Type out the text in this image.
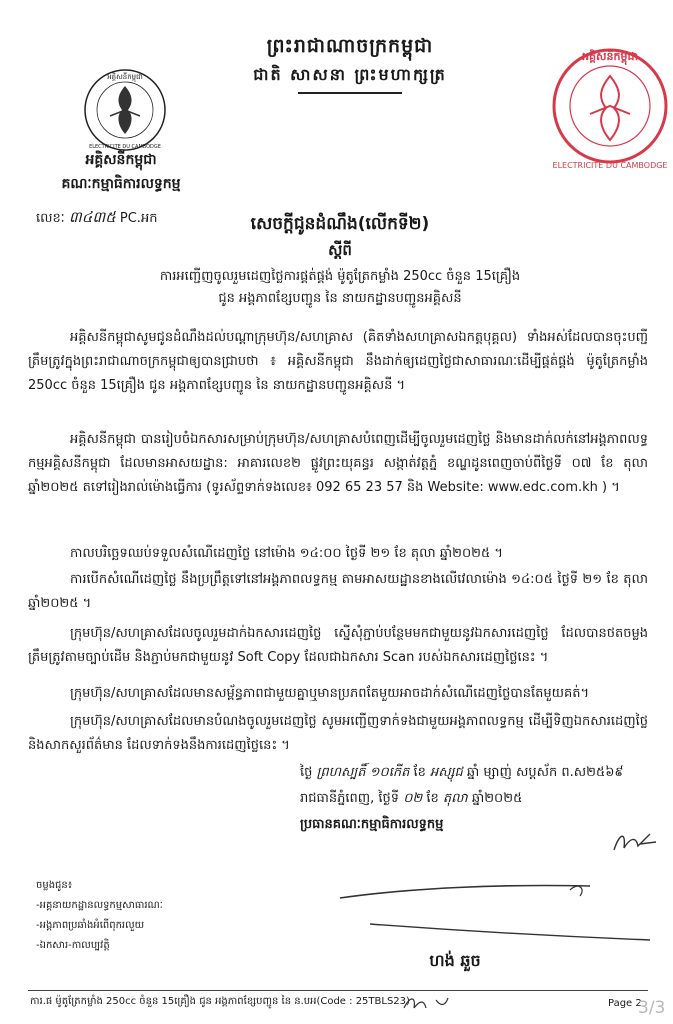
ព្រះរាជាណាចក្រកម្ពុជា
ជាតិ សាសនា ព្រះមហាក្សត្រ
អគ្គិសនីកម្ពុជា
ELECTRICITE DU CAMBODGE
អគ្គិសនីកម្ពុជា
គណៈកម្មាធិការលទ្ធកម្ម
លេខៈ ៣៤៣៥ PC.អក
អគ្គិសនីកម្ពុជា
ELECTRICITE DU CAMBODGE
សេចក្តីជូនដំណឹង(លើកទី២)
ស្តីពី
ការអញ្ជើញចូលរួមដេញថ្លៃការផ្គត់ផ្គង់ ម៉ូតូត្រែកម្លាំង 250cc ចំនួន 15គ្រឿង
ជូន អង្គភាពខ្សែបញ្ជូន នៃ នាយកដ្ឋានបញ្ជូនអគ្គិសនី
អគ្គិសនីកម្ពុជាសូមជូនដំណឹងដល់បណ្តាក្រុមហ៊ុន/សហគ្រាស (គិតទាំងសហគ្រាសឯកត្តបុគ្គល) ទាំងអស់ដែលបានចុះបញ្ជីត្រឹមត្រូវក្នុងព្រះរាជាណាចក្រកម្ពុជាឲ្យបានជ្រាបថា ៖ អគ្គិសនីកម្ពុជា នឹងដាក់ឲ្យដេញថ្លៃជាសាធារណៈដើម្បីផ្គត់ផ្គង់ ម៉ូតូត្រែកម្លាំង 250cc ចំនួន 15គ្រឿង ជូន អង្គភាពខ្សែបញ្ជូន នៃ នាយកដ្ឋានបញ្ជូនអគ្គិសនី ។
អគ្គិសនីកម្ពុជា បានរៀបចំឯកសារសម្រាប់ក្រុមហ៊ុន/សហគ្រាសបំពេញដើម្បីចូលរួមដេញថ្លៃ និងមានដាក់លក់នៅអង្គភាពលទ្ធកម្មអគ្គិសនីកម្ពុជា ដែលមានអាសយដ្ឋាន: អាគារលេខ២ ផ្លូវព្រះយុគន្ធរ សង្កាត់វត្តភ្នំ ខណ្ឌដូនពេញចាប់ពីថ្ងៃទី ០៧ ខែ តុលា ឆ្នាំ២០២៥ តទៅរៀងរាល់ម៉ោងធ្វើការ (ទូរស័ព្ទទាក់ទងលេខ៖ 092 65 23 57 និង Website: www.edc.com.kh ) ។
កាលបរិច្ឆេទឈប់ទទួលសំណើដេញថ្លៃ នៅម៉ោង ១៤:០០ ថ្ងៃទី ២១ ខែ តុលា ឆ្នាំ២០២៥ ។
ការបើកសំណើដេញថ្លៃ នឹងប្រព្រឹត្តទៅនៅអង្គភាពលទ្ធកម្ម តាមអាសយដ្ឋានខាងលើវេលាម៉ោង ១៤:០៥ ថ្ងៃទី ២១ ខែ តុលា ឆ្នាំ២០២៥ ។
ក្រុមហ៊ុន/សហគ្រាសដែលចូលរួមដាក់ឯកសារដេញថ្លៃ ស្នើសុំភ្ជាប់បន្ថែមមកជាមួយនូវឯកសារដេញថ្លៃ ដែលបានថតចម្លងត្រឹមត្រូវតាមច្បាប់ដើម និងភ្ជាប់មកជាមួយនូវ Soft Copy ដែលជាឯកសារ Scan របស់ឯកសារដេញថ្លៃនេះ ។
ក្រុមហ៊ុន/សហគ្រាសដែលមានសម្ព័ន្ធភាពជាមួយគ្នាឬមានប្រភពតែមួយអាចដាក់សំណើដេញថ្លៃបានតែមួយគត់។
ក្រុមហ៊ុន/សហគ្រាសដែលមានបំណងចូលរួមដេញថ្លៃ សូមអញ្ជើញទាក់ទងជាមួយអង្គភាពលទ្ធកម្ម ដើម្បីទិញឯកសារដេញថ្លៃ និងសាកសួរព័ត៌មាន ដែលទាក់ទងនឹងការដេញថ្លៃនេះ ។
ថ្ងៃ ព្រហស្បតិ៍ ១០កើត ខែ អស្សុជ ឆ្នាំ ម្សាញ់ សប្តស័ក ព.ស២៥៦៩
រាជធានីភ្នំពេញ, ថ្ងៃទី ០២ ខែ តុលា ឆ្នាំ២០២៥
ប្រធានគណៈកម្មាធិការលទ្ធកម្ម
ចម្លងជូន៖
-អគ្គនាយកដ្ឋានលទ្ធកម្មសាធារណៈ
-អង្គភាពប្រឆាំងអំពើពុករលួយ
-ឯកសារ-កាលប្បវត្តិ
ហង់ ឆួច
ការ.ផ ម៉ូតូត្រែកម្លាំង 250cc ចំនួន 15គ្រឿង ជូន អង្គភាពខ្សែបញ្ជូន នៃ ន.បអ(Code : 25TBLS23)	Page 2
3/3
